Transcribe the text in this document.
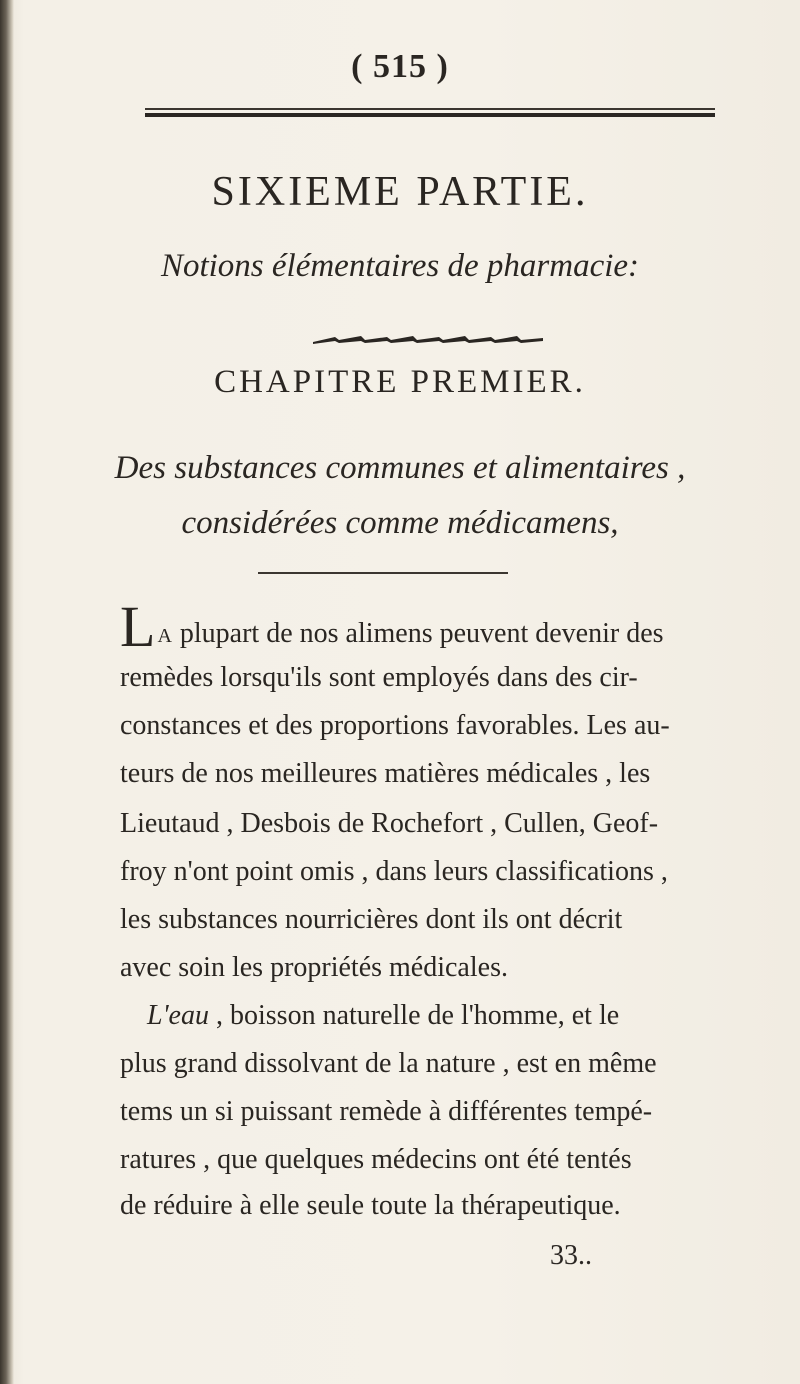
( 515 )
SIXIEME PARTIE.
Notions élémentaires de pharmacie:
CHAPITRE PREMIER.
Des substances communes et alimentaires ,
considérées comme médicamens,
L A plupart de nos alimens peuvent devenir des
remèdes lorsqu'ils sont employés dans des cir-
constances et des proportions favorables. Les au-
teurs de nos meilleures matières médicales , les
Lieutaud , Desbois de Rochefort , Cullen, Geof-
froy n'ont point omis , dans leurs classifications ,
les substances nourricières dont ils ont décrit
avec soin les propriétés médicales.
L'eau , boisson naturelle de l'homme, et le
plus grand dissolvant de la nature , est en même
tems un si puissant remède à différentes tempé-
ratures , que quelques médecins ont été tentés
de réduire à elle seule toute la thérapeutique.
33..
